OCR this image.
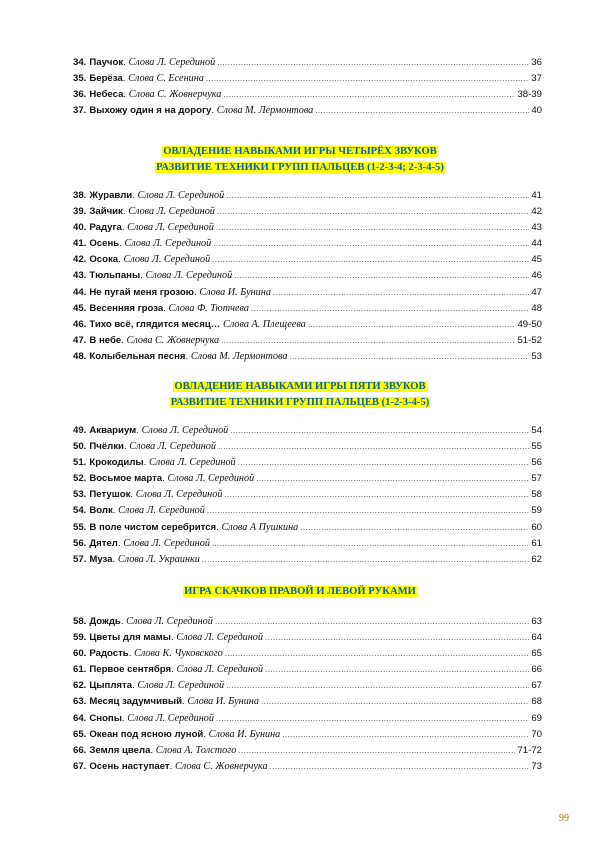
34. Паучок . Слова Л. Серединой .....	36
35. Берёза . Слова С. Есенина .....	37
36. Небеса . Слова С. Жовнерчука .....	38-39
37. Выхожу один я на дорогу . Слова М. Лермонтова .....	40
ОВЛАДЕНИЕ НАВЫКАМИ ИГРЫ ЧЕТЫРЁХ ЗВУКОВ
РАЗВИТИЕ ТЕХНИКИ ГРУПП ПАЛЬЦЕВ (1-2-3-4; 2-3-4-5)
38. Журавли . Слова Л. Серединой .....	41
39. Зайчик . Слова Л. Серединой .....	42
40. Радуга . Слова Л. Серединой .....	43
41. Осень . Слова Л. Серединой .....	44
42. Осока . Слова Л. Серединой .....	45
43. Тюльпаны . Слова Л. Серединой .....	46
44. Не пугай меня грозою . Слова И. Бунина .....	47
45. Весенняя гроза . Слова Ф. Тютчева .....	48
46. Тихо всё, глядится месяц…
Слова А. Плещеева .....	49-50
47. В небе . Слова С. Жовнерчука .....	51-52
48. Колыбельная песня . Слова М. Лермонтова .....	53
ОВЛАДЕНИЕ НАВЫКАМИ ИГРЫ ПЯТИ ЗВУКОВ
РАЗВИТИЕ ТЕХНИКИ ГРУПП ПАЛЬЦЕВ (1-2-3-4-5)
49. Аквариум . Слова Л. Серединой .....	54
50. Пчёлки . Слова Л. Серединой .....	55
51. Крокодилы . Слова Л. Серединой .....	56
52. Восьмое марта . Слова Л. Серединой .....	57
53. Петушок . Слова Л. Серединой .....	58
54. Волк . Слова Л. Серединой .....	59
55. В поле чистом серебрится . Слова А Пушкина .....	60
56. Дятел . Слова Л. Серединой .....	61
57. Муза . Слова Л. Украинки .....	62
ИГРА СКАЧКОВ ПРАВОЙ И ЛЕВОЙ РУКАМИ
58. Дождь . Слова Л. Серединой .....	63
59. Цветы для мамы . Слова Л. Серединой .....	64
60. Радость . Слова К. Чуковского .....	65
61. Первое сентября . Слова Л. Серединой .....	66
62. Цыплята . Слова Л. Серединой .....	67
63. Месяц задумчивый . Слова И. Бунина .....	68
64. Снопы . Слова Л. Серединой .....	69
65. Океан под ясною луной . Слова И. Бунина .....	70
66. Земля цвела . Слова А. Толстого .....	71-72
67. Осень наступает . Слова С. Жовнерчука .....	73
99
